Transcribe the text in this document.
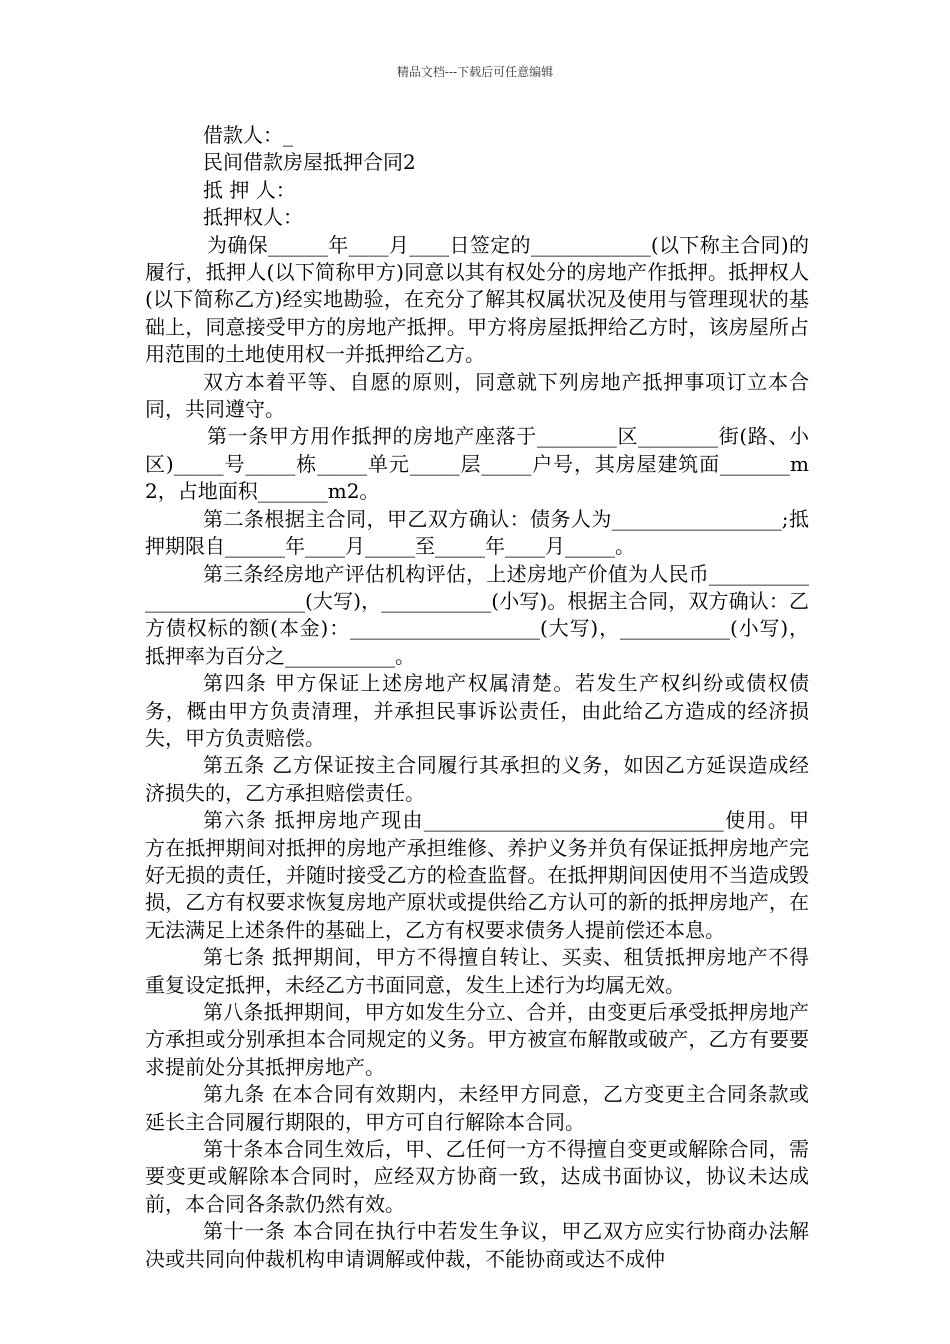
精品文档---下载后可任意编辑

借款人：_

民间借款房屋抵押合同2

抵 押 人：

抵押权人：

为确保______年____月____日签定的____________(以下称主合同)的履行，抵押人(以下简称甲方)同意以其有权处分的房地产作抵押。抵押权人(以下简称乙方)经实地勘验，在充分了解其权属状况及使用与管理现状的基础上，同意接受甲方的房地产抵押。甲方将房屋抵押给乙方时，该房屋所占用范围的土地使用权一并抵押给乙方。

双方本着平等、自愿的原则，同意就下列房地产抵押事项订立本合同，共同遵守。

第一条甲方用作抵押的房地产座落于________区________街(路、小区)_____号_____栋_____单元_____层_____户号，其房屋建筑面_______m2，占地面积_______m2。

第二条根据主合同，甲乙双方确认：债务人为_________________;抵押期限自______年____月_____至_____年____月_____。

第三条经房地产评估机构评估，上述房地产价值为人民币__________________________(大写)，___________(小写)。根据主合同，双方确认：乙方债权标的额(本金)：___________________(大写)，___________(小写)，抵押率为百分之___________。

第四条 甲方保证上述房地产权属清楚。若发生产权纠纷或债权债务，概由甲方负责清理，并承担民事诉讼责任，由此给乙方造成的经济损失，甲方负责赔偿。

第五条 乙方保证按主合同履行其承担的义务，如因乙方延误造成经济损失的，乙方承担赔偿责任。

第六条 抵押房地产现由______________________________使用。甲方在抵押期间对抵押的房地产承担维修、养护义务并负有保证抵押房地产完好无损的责任，并随时接受乙方的检查监督。在抵押期间因使用不当造成毁损，乙方有权要求恢复房地产原状或提供给乙方认可的新的抵押房地产，在无法满足上述条件的基础上，乙方有权要求债务人提前偿还本息。

第七条 抵押期间，甲方不得擅自转让、买卖、租赁抵押房地产不得重复设定抵押，未经乙方书面同意，发生上述行为均属无效。

第八条抵押期间，甲方如发生分立、合并，由变更后承受抵押房地产方承担或分别承担本合同规定的义务。甲方被宣布解散或破产，乙方有要要求提前处分其抵押房地产。

第九条 在本合同有效期内，未经甲方同意，乙方变更主合同条款或延长主合同履行期限的，甲方可自行解除本合同。

第十条本合同生效后，甲、乙任何一方不得擅自变更或解除合同，需要变更或解除本合同时，应经双方协商一致，达成书面协议，协议未达成前，本合同各条款仍然有效。

第十一条 本合同在执行中若发生争议，甲乙双方应实行协商办法解决或共同向仲裁机构申请调解或仲裁，不能协商或达不成仲
